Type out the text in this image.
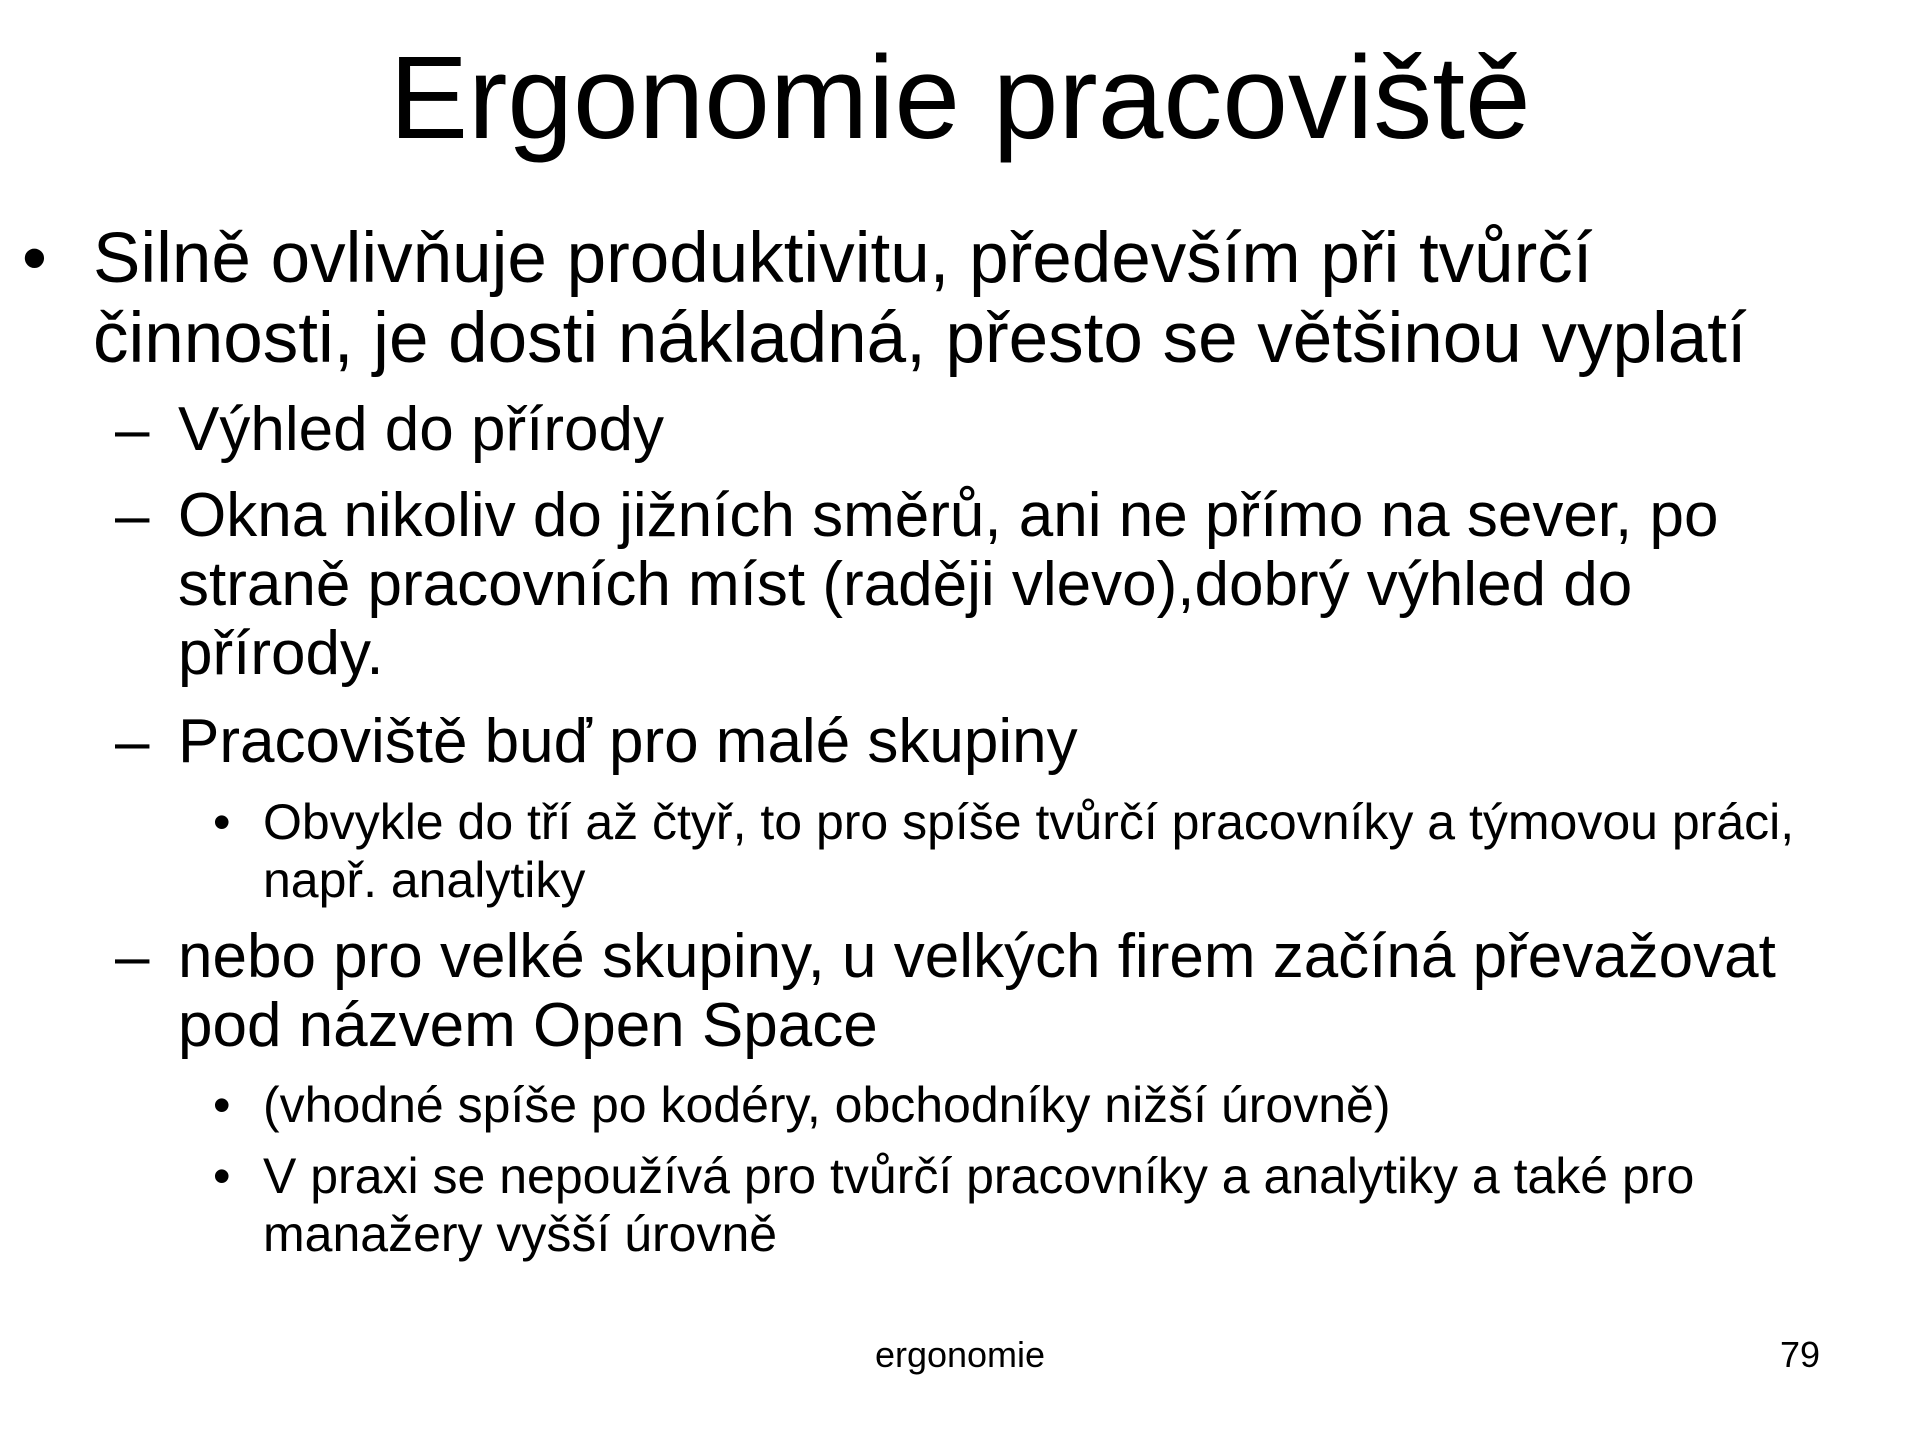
Ergonomie pracoviště
• Silně ovlivňuje produktivitu, především při tvůrčí
činnosti, je dosti nákladná, přesto se většinou vyplatí
– Výhled do přírody
– Okna nikoliv do jižních směrů, ani ne přímo na sever, po
straně pracovních míst (raději vlevo),dobrý výhled do
přírody.
– Pracoviště buď pro malé skupiny
• Obvykle do tří až čtyř, to pro spíše tvůrčí pracovníky a týmovou práci,
např. analytiky
– nebo pro velké skupiny, u velkých firem začíná převažovat
pod názvem Open Space
• (vhodné spíše po kodéry, obchodníky nižší úrovně)
• V praxi se nepoužívá pro tvůrčí pracovníky a analytiky a také pro
manažery vyšší úrovně
ergonomie	79
